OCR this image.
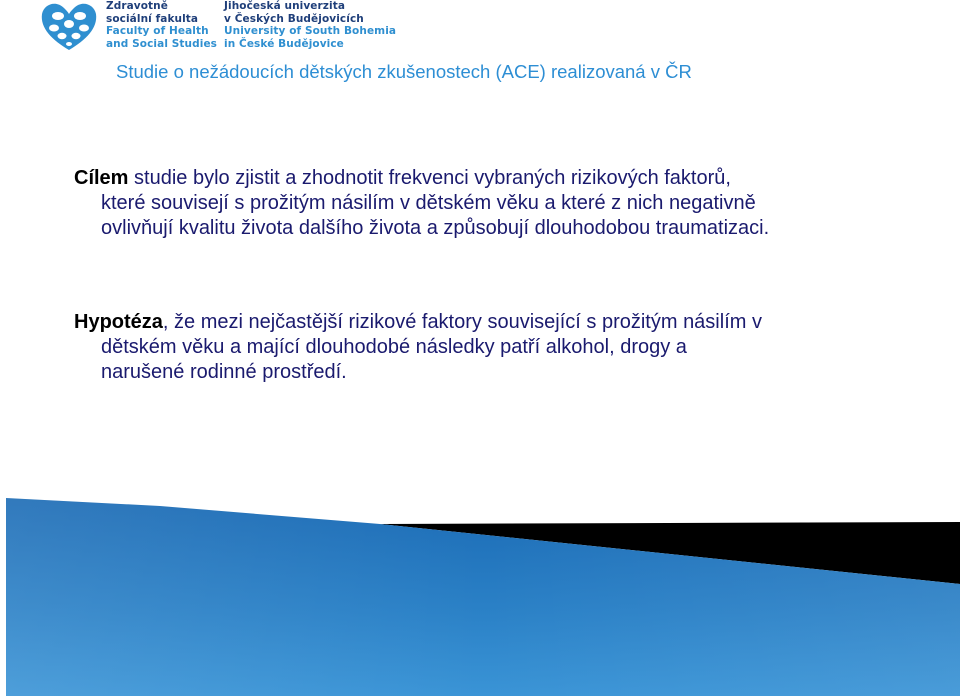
Zdravotně
sociální fakulta
Faculty of Health
and Social Studies
Jihočeská univerzita
v Českých Budějovicích
University of South Bohemia
in České Budějovice
Studie o nežádoucích dětských zkušenostech (ACE) realizovaná v ČR
Cílem studie bylo zjistit a zhodnotit frekvenci vybraných rizikových faktorů,
které souvisejí s prožitým násilím v dětském věku a které z nich negativně
ovlivňují kvalitu života dalšího života a způsobují dlouhodobou traumatizaci.
Hypotéza, že mezi nejčastější rizikové faktory související s prožitým násilím v
dětském věku a mající dlouhodobé následky patří alkohol, drogy a
narušené rodinné prostředí.
